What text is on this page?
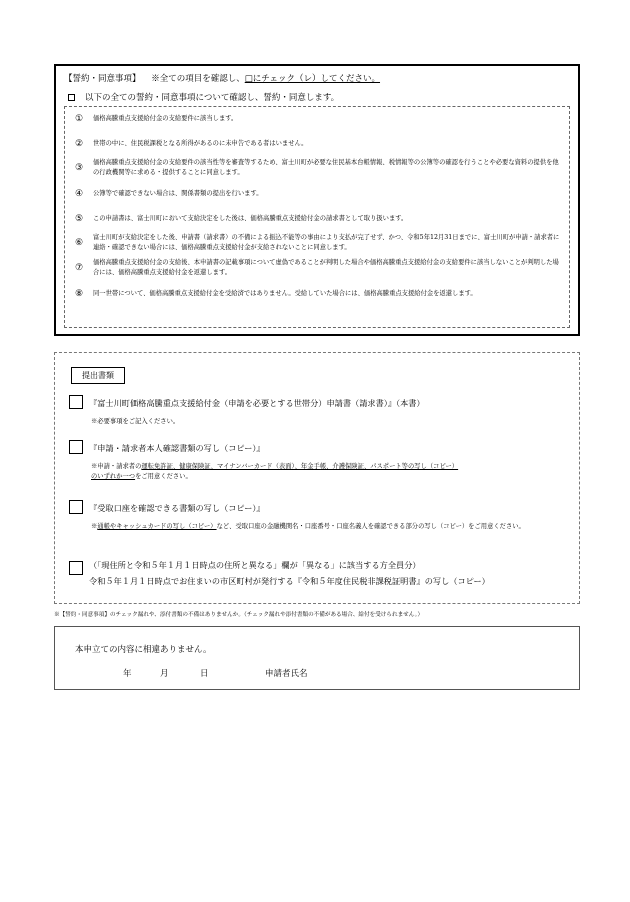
【誓約・同意事項】 ※全ての項目を確認し、□にチェック（レ）してください。
以下の全ての誓約・同意事項について確認し、誓約・同意します。
①	価格高騰重点支援給付金の支給要件に該当します。
②	世帯の中に、住民税課税となる所得があるのに未申告である者はいません。
③
価格高騰重点支援給付金の支給要件の該当性等を審査等するため、富士川町が必要な住民基本台帳情報、税情報等の公簿等の確認を行うことや必要な資料の提供を他の行政機関等に求める・提供することに同意します。
④	公簿等で確認できない場合は、関係書類の提出を行います。
⑤	この申請書は、富士川町において支給決定をした後は、価格高騰重点支援給付金の請求書として取り扱います。
⑥
富士川町が支給決定をした後、申請書（請求書）の不備による振込不能等の事由により支払が完了せず、かつ、令和5年12月31日までに、富士川町が申請・請求者に連絡・確認できない場合には、価格高騰重点支援給付金が支給されないことに同意します。
⑦
価格高騰重点支援給付金の支給後、本申請書の記載事項について虚偽であることが判明した場合や価格高騰重点支援給付金の支給要件に該当しないことが判明した場合には、価格高騰重点支援給付金を返還します。
⑧	同一世帯について、価格高騰重点支援給付金を受給済ではありません。受給していた場合には、価格高騰重点支援給付金を返還します。
提出書類
『富士川町価格高騰重点支援給付金（申請を必要とする世帯分）申請書（請求書）』（本書）
※必要事項をご記入ください。
『申請・請求者本人確認書類の写し（コピー）』
※申請・請求者の運転免許証、健康保険証、マイナンバーカード（表面）、年金手帳、介護保険証、パスポート等の写し（コピー）
のいずれか一つをご用意ください。
『受取口座を確認できる書類の写し（コピー）』
※通帳やキャッシュカードの写し（コピー）など、受取口座の金融機関名・口座番号・口座名義人を確認できる部分の写し（コピー）をご用意ください。
（「現住所と令和５年１月１日時点の住所と異なる」欄が「異なる」に該当する方全員分）
令和５年１月１日時点でお住まいの市区町村が発行する『令和５年度住民税非課税証明書』の写し（コピー）
※【誓約・同意事項】のチェック漏れや、添付書類の不備はありませんか。（チェック漏れや添付書類の不備がある場合、給付を受けられません。）
本申立ての内容に相違ありません。
年	月	日	申請者氏名
